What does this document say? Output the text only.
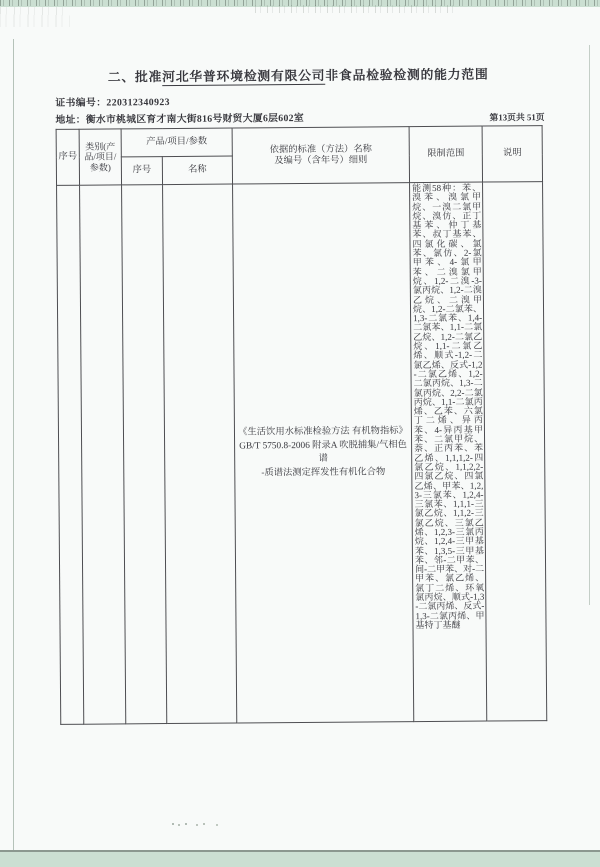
二、批准河北华普环境检测有限公司非食品检验检测的能力范围
证书编号：220312340923
地址：衡水市桃城区育才南大街816号财贸大厦6层602室	第13页共 51页
序号	类别(产品/项目/参数)	产品/项目/参数		依据的标准（方法）名称
及编号（含年号）细则	限制范围	说明
		序号	名称			
				《生活饮用水标准检验方法 有机物指标》
GB/T 5750.8-2006 附录A 吹脱捕集/气相色谱
-质谱法测定挥发性有机化合物	能测58种：苯、溴苯、溴氯甲烷、一溴二氯甲烷、溴仿、正丁基苯、仲丁基苯、叔丁基苯、四氯化碳、氯苯、氯仿、2-氯甲苯、4-氯甲苯、二溴氯甲烷、1,2-二溴-3-氯丙烷、1,2-二溴乙烷、二溴甲烷、1,2-二氯苯、1,3-二氯苯、1,4-二氯苯、1,1-二氯乙烷、1,2-二氯乙烷、1,1-二氯乙烯、顺式-1,2-二氯乙烯、反式-1,2-二氯乙烯、1,2-二氯丙烷、1,3-二氯丙烷、2,2-二氯丙烷、1,1-二氯丙烯、乙苯、六氯丁二烯、异丙苯、4-异丙基甲苯、二氯甲烷、萘、正丙苯、苯乙烯、1,1,1,2-四氯乙烷、1,1,2,2-四氯乙烷、四氯乙烯、甲苯、1,2,3-三氯苯、1,2,4-三氯苯、1,1,1-三氯乙烷、1,1,2-三氯乙烷、三氯乙烯、1,2,3-三氯丙烷、1,2,4-三甲基苯、1,3,5-三甲基苯、邻-二甲苯、间-二甲苯、对-二甲苯、氯乙烯、氯丁二烯、环氧氯丙烷、顺式-1,3-二氯丙烯、反式-1,3-二氯丙烯、甲基特丁基醚	
